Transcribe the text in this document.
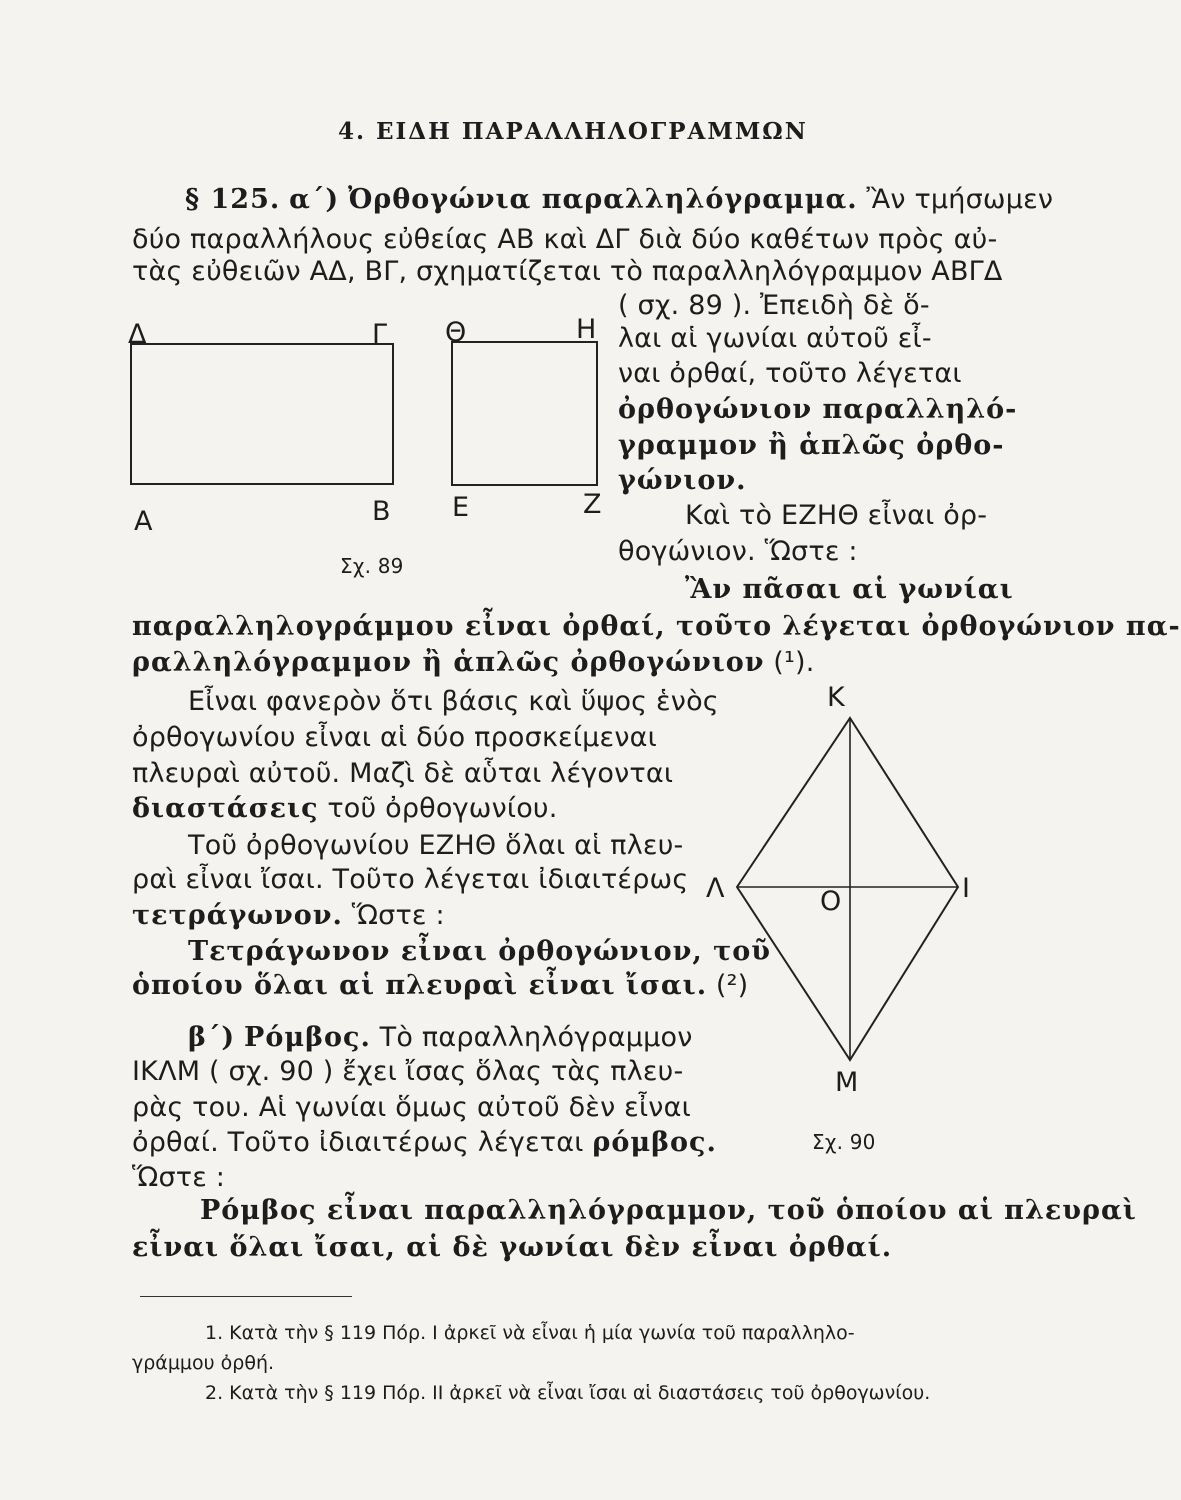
4. ΕΙΔΗ ΠΑΡΑΛΛΗΛΟΓΡΑΜΜΩΝ
§ 125. α΄) Ὀρθογώνια παραλληλόγραμμα. Ἂν τμήσωμεν
δύο παραλλήλους εὐθείας ΑΒ καὶ ΔΓ διὰ δύο καθέτων πρὸς αὐ-
τὰς εὐθειῶν ΑΔ, ΒΓ, σχηματίζεται τὸ παραλληλόγραμμον ΑΒΓΔ
( σχ. 89 ). Ἐπειδὴ δὲ ὅ-
λαι αἱ γωνίαι αὐτοῦ εἶ-
ναι ὀρθαί, τοῦτο λέγεται
ὀρθογώνιον παραλληλό-
γραμμον ἢ ἁπλῶς ὀρθο-
γώνιον.
Καὶ τὸ ΕΖΗΘ εἶναι ὀρ-
θογώνιον. Ὥστε :
Δ	Γ Θ	Η
Α	Β Ε	Ζ
Σχ. 89
Ἂν πᾶσαι αἱ γωνίαι
παραλληλογράμμου εἶναι ὀρθαί, τοῦτο λέγεται ὀρθογώνιον πα-
ραλληλόγραμμον ἢ ἁπλῶς ὀρθογώνιον (¹).
Εἶναι φανερὸν ὅτι βάσις καὶ ὕψος ἑνὸς
ὀρθογωνίου εἶναι αἱ δύο προσκείμεναι
πλευραὶ αὐτοῦ. Μαζὶ δὲ αὗται λέγονται
διαστάσεις τοῦ ὀρθογωνίου.
Τοῦ ὀρθογωνίου ΕΖΗΘ ὅλαι αἱ πλευ-
ραὶ εἶναι ἴσαι. Τοῦτο λέγεται ἰδιαιτέρως
τετράγωνον. Ὥστε :
Τετράγωνον εἶναι ὀρθογώνιον, τοῦ
ὁποίου ὅλαι αἱ πλευραὶ εἶναι ἴσαι. (²)
β΄) Ρόμβος. Τὸ παραλληλόγραμμον
ΙΚΛΜ ( σχ. 90 ) ἔχει ἴσας ὅλας τὰς πλευ-
ρὰς του. Αἱ γωνίαι ὅμως αὐτοῦ δὲν εἶναι
ὀρθαί. Τοῦτο ἰδιαιτέρως λέγεται ρόμβος.
Ὥστε :
Κ
Λ	Ο	Ι
Μ
Σχ. 90
Ρόμβος εἶναι παραλληλόγραμμον, τοῦ ὁποίου αἱ πλευραὶ
εἶναι ὅλαι ἴσαι, αἱ δὲ γωνίαι δὲν εἶναι ὀρθαί.
1. Κατὰ τὴν § 119 Πόρ. Ι ἀρκεῖ νὰ εἶναι ἡ μία γωνία τοῦ παραλληλο-
γράμμου ὀρθή.
2. Κατὰ τὴν § 119 Πόρ. ΙΙ ἀρκεῖ νὰ εἶναι ἴσαι αἱ διαστάσεις τοῦ ὀρθογωνίου.
